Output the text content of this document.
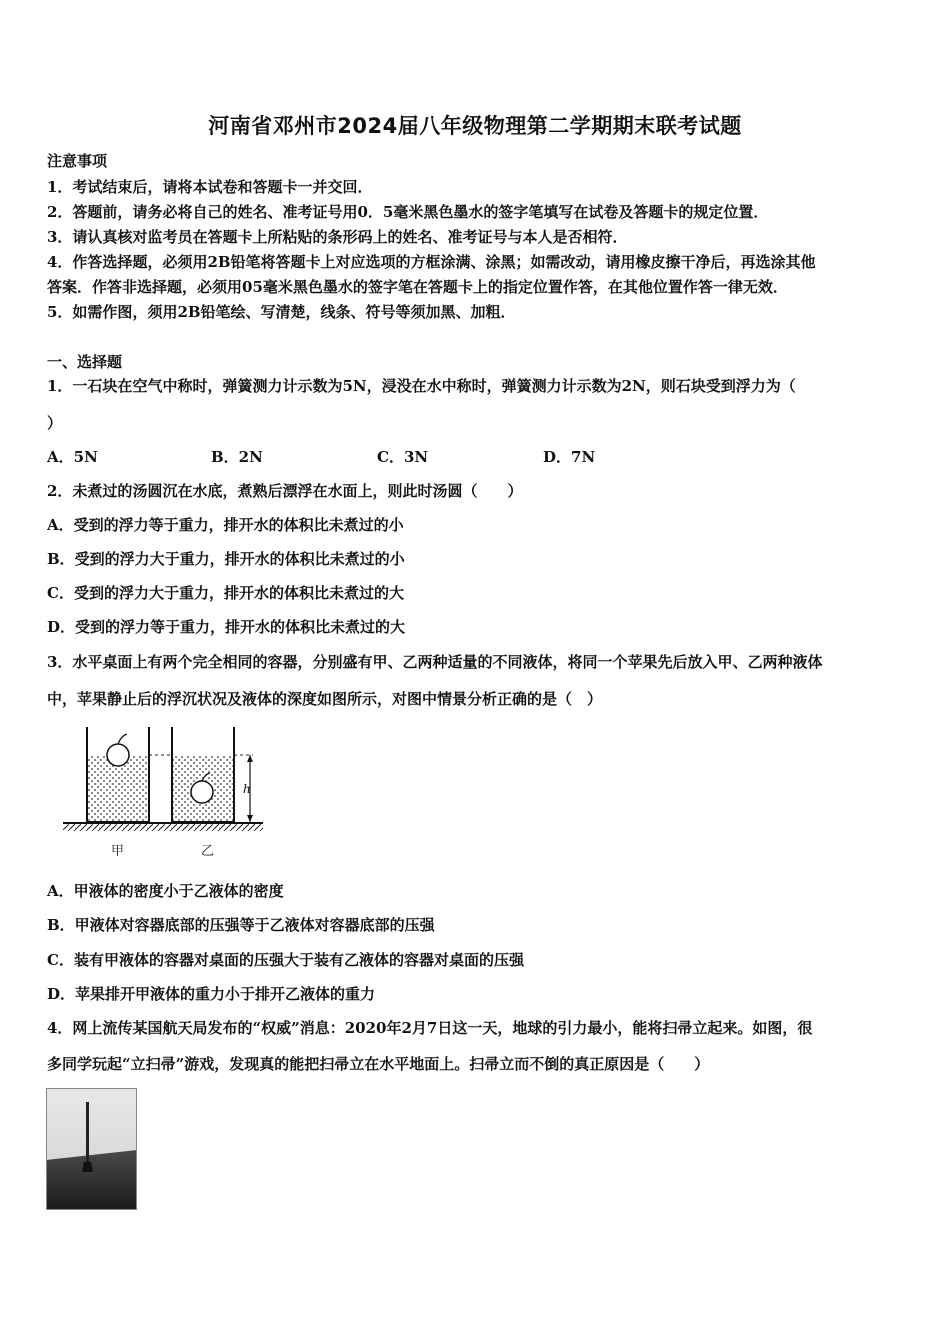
河南省邓州市2024届八年级物理第二学期期末联考试题
注意事项
1．考试结束后，请将本试卷和答题卡一并交回．
2．答题前，请务必将自己的姓名、准考证号用0．5毫米黑色墨水的签字笔填写在试卷及答题卡的规定位置．
3．请认真核对监考员在答题卡上所粘贴的条形码上的姓名、准考证号与本人是否相符．
4．作答选择题，必须用2B铅笔将答题卡上对应选项的方框涂满、涂黑；如需改动，请用橡皮擦干净后，再选涂其他
答案．作答非选择题，必须用05毫米黑色墨水的签字笔在答题卡上的指定位置作答，在其他位置作答一律无效．
5．如需作图，须用2B铅笔绘、写清楚，线条、符号等须加黑、加粗．
一、选择题
1．一石块在空气中称时，弹簧测力计示数为5N，浸没在水中称时，弹簧测力计示数为2N，则石块受到浮力为（
）
A．5N	B．2N	C．3N	D．7N
2．未煮过的汤圆沉在水底，煮熟后漂浮在水面上，则此时汤圆（　　）
A．受到的浮力等于重力，排开水的体积比未煮过的小
B．受到的浮力大于重力，排开水的体积比未煮过的小
C．受到的浮力大于重力，排开水的体积比未煮过的大
D．受到的浮力等于重力，排开水的体积比未煮过的大
3．水平桌面上有两个完全相同的容器，分别盛有甲、乙两种适量的不同液体，将同一个苹果先后放入甲、乙两种液体
中，苹果静止后的浮沉状况及液体的深度如图所示，对图中情景分析正确的是（　）
h
甲	乙
A．甲液体的密度小于乙液体的密度
B．甲液体对容器底部的压强等于乙液体对容器底部的压强
C．装有甲液体的容器对桌面的压强大于装有乙液体的容器对桌面的压强
D．苹果排开甲液体的重力小于排开乙液体的重力
4．网上流传某国航天局发布的“权威”消息：2020年2月7日这一天，地球的引力最小，能将扫帚立起来。如图，很
多同学玩起“立扫帚”游戏，发现真的能把扫帚立在水平地面上。扫帚立而不倒的真正原因是（　　）
